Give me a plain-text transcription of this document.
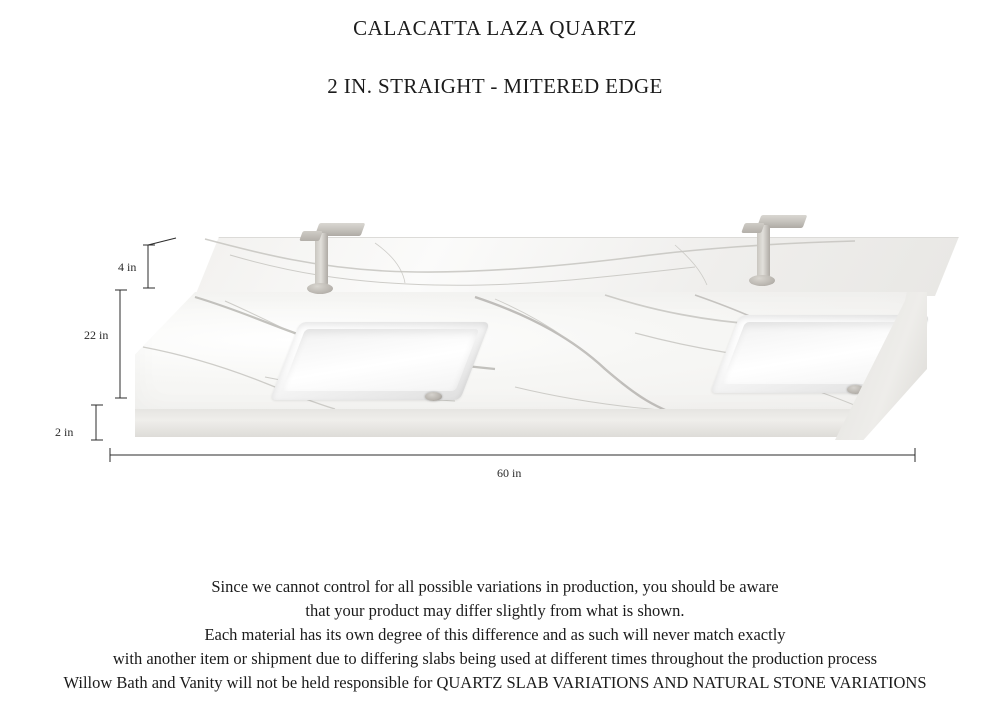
CALACATTA LAZA QUARTZ
2 IN. STRAIGHT - MITERED EDGE
4 in
22 in
2 in
60 in
Since we cannot control for all possible variations in production, you should be aware
that your product may differ slightly from what is shown.
Each material has its own degree of this difference and as such will never match exactly
with another item or shipment due to differing slabs being used at different times throughout the production process
Willow Bath and Vanity will not be held responsible for QUARTZ SLAB VARIATIONS AND NATURAL STONE VARIATIONS
